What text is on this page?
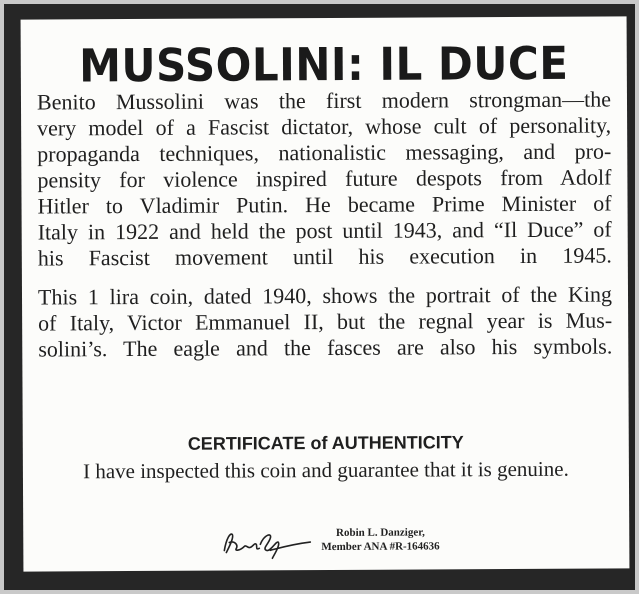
MUSSOLINI: IL DUCE

Benito Mussolini was the first modern strongman—the
very model of a Fascist dictator, whose cult of personality,
propaganda techniques, nationalistic messaging, and pro-
pensity for violence inspired future despots from Adolf
Hitler to Vladimir Putin. He became Prime Minister of
Italy in 1922 and held the post until 1943, and “Il Duce” of
his Fascist movement until his execution in 1945.

This 1 lira coin, dated 1940, shows the portrait of the King
of Italy, Victor Emmanuel II, but the regnal year is Mus-
solini’s. The eagle and the fasces are also his symbols.

CERTIFICATE of AUTHENTICITY
I have inspected this coin and guarantee that it is genuine.
Robin L. Danziger,
Member ANA #R-164636
